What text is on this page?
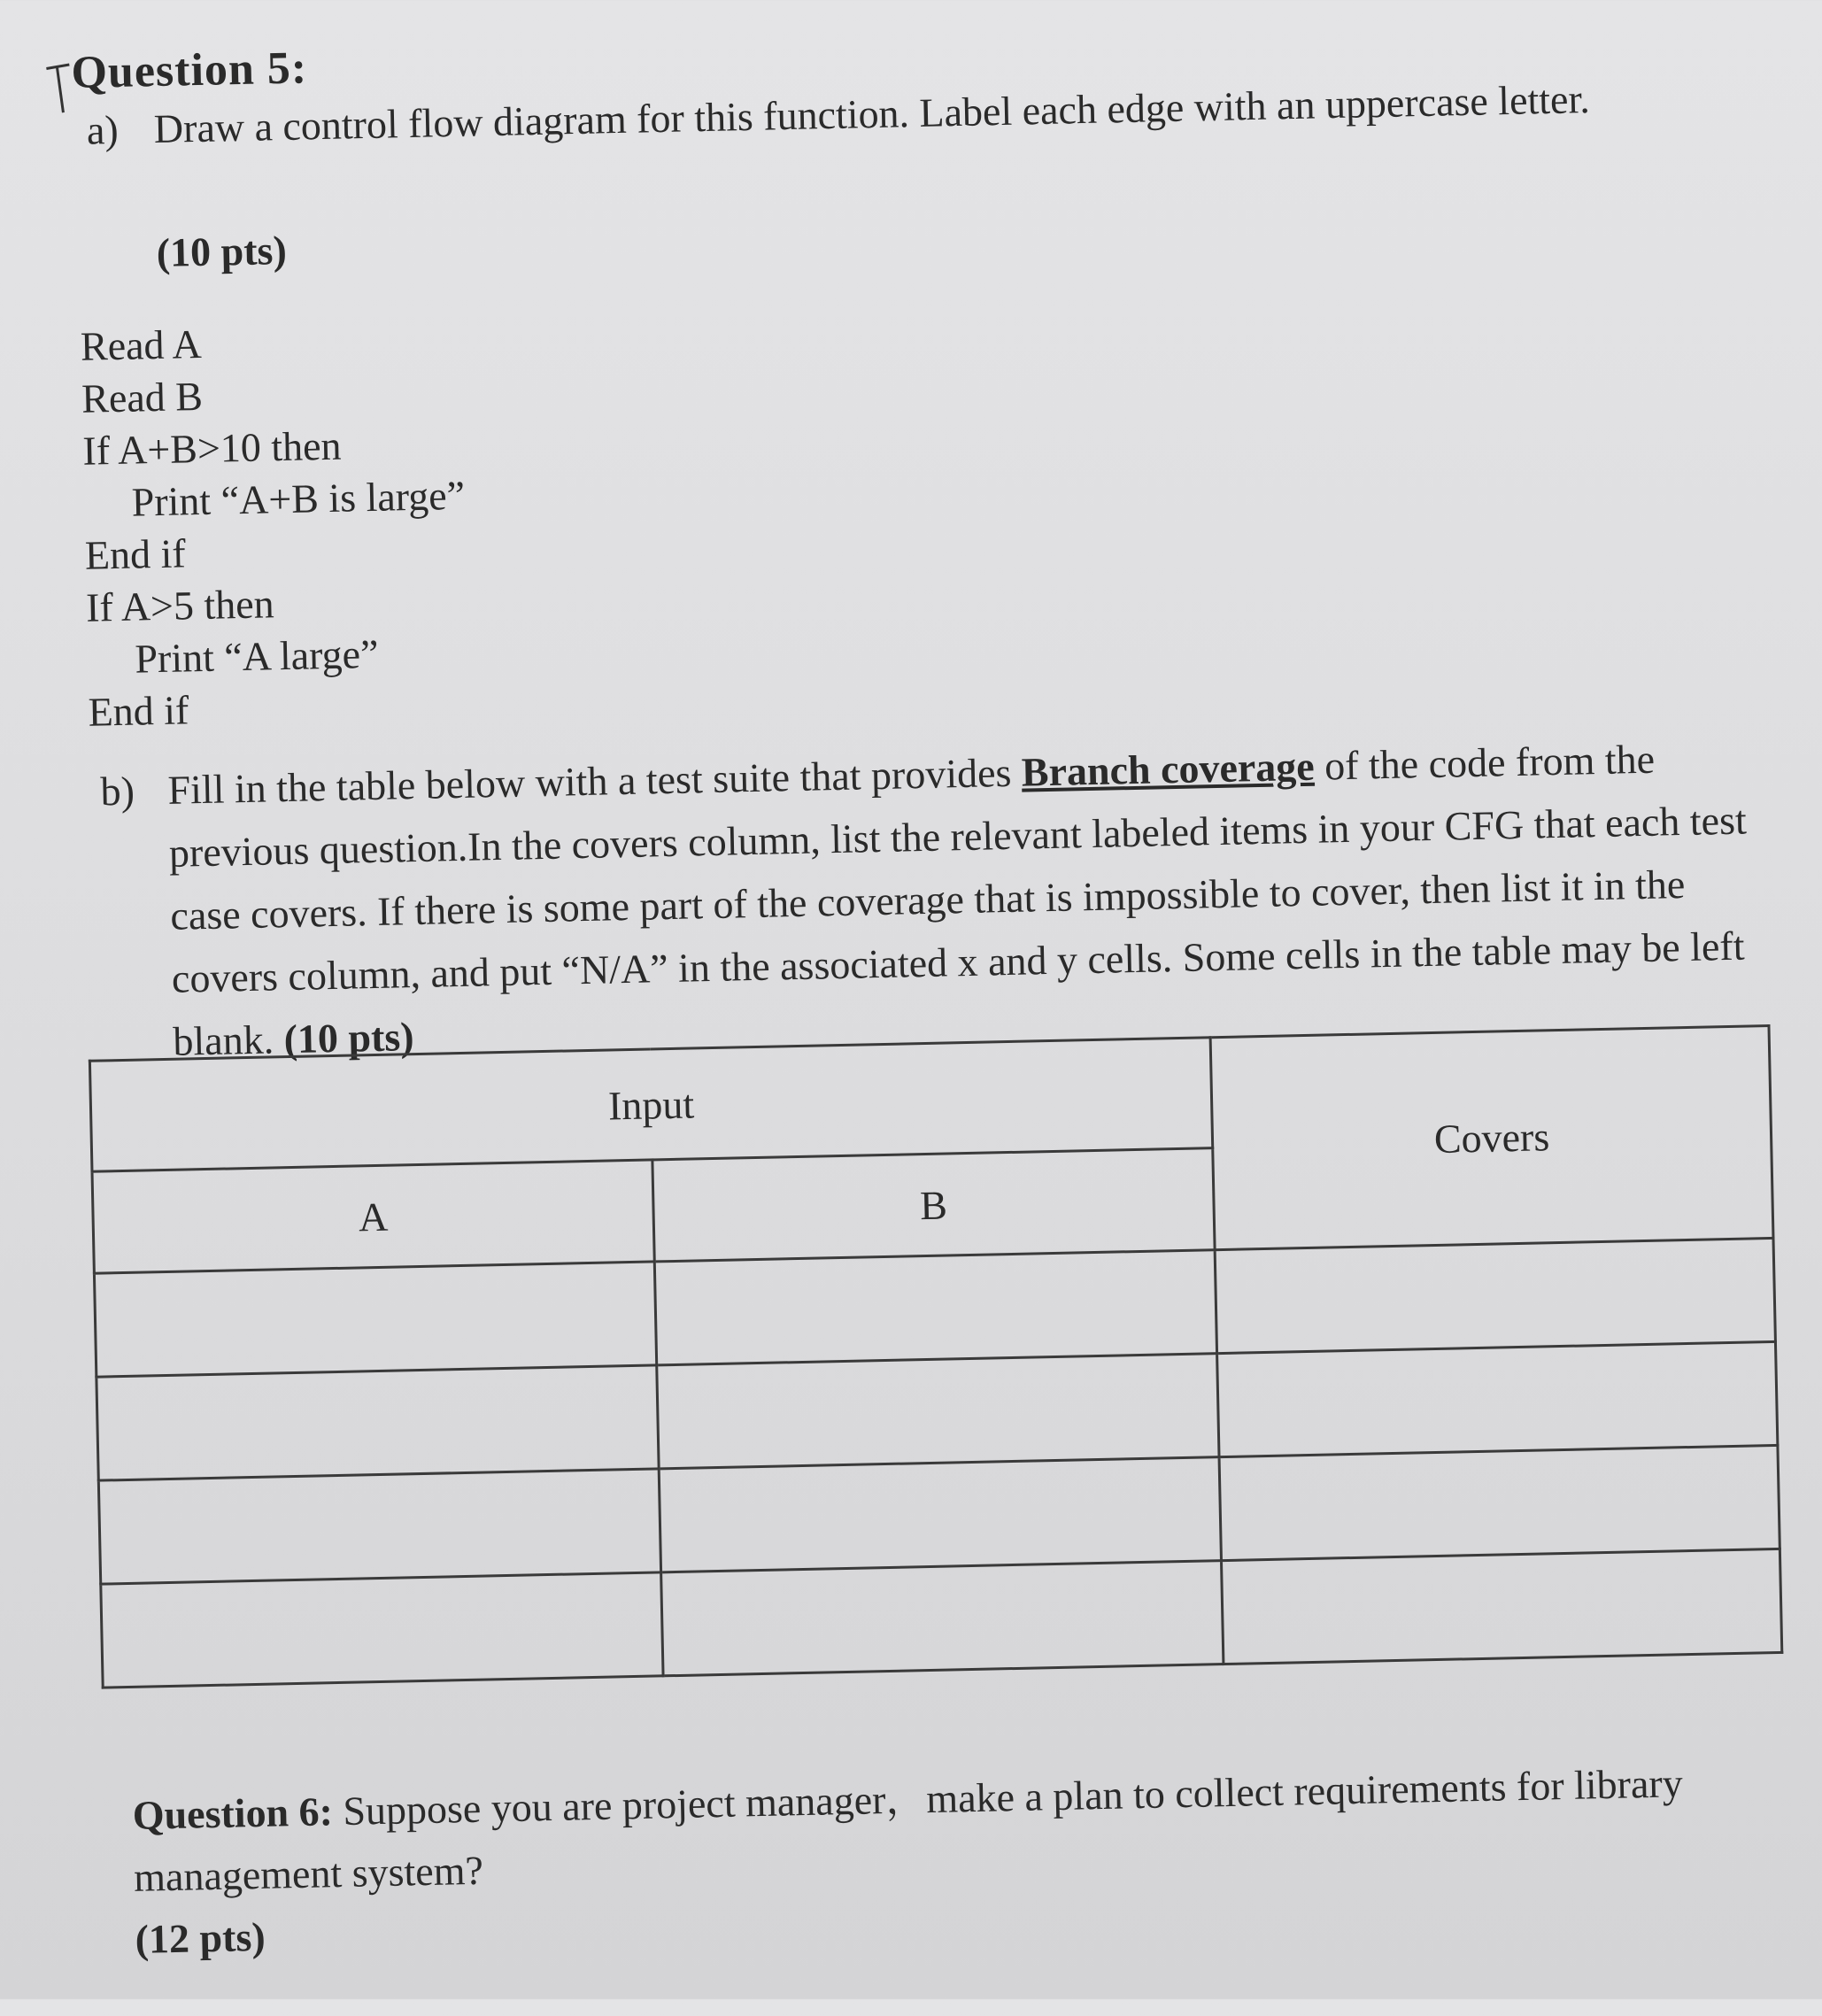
Question 5:
a) Draw a control flow diagram for this function. Label each edge with an uppercase letter.
(10 pts)
Read A
Read B
If A+B>10 then
Print “A+B is large”
End if
If A>5 then
Print “A large”
End if
b) Fill in the table below with a test suite that provides Branch coverage of the code from the previous question.In the covers column, list the relevant labeled items in your CFG that each test case covers. If there is some part of the coverage that is impossible to cover, then list it in the covers column, and put “N/A” in the associated x and y cells. Some cells in the table may be left blank. (10 pts)
Input		Covers
A	B	

Question 6: Suppose you are project manager，make a plan to collect requirements for library management system?
(12 pts)
